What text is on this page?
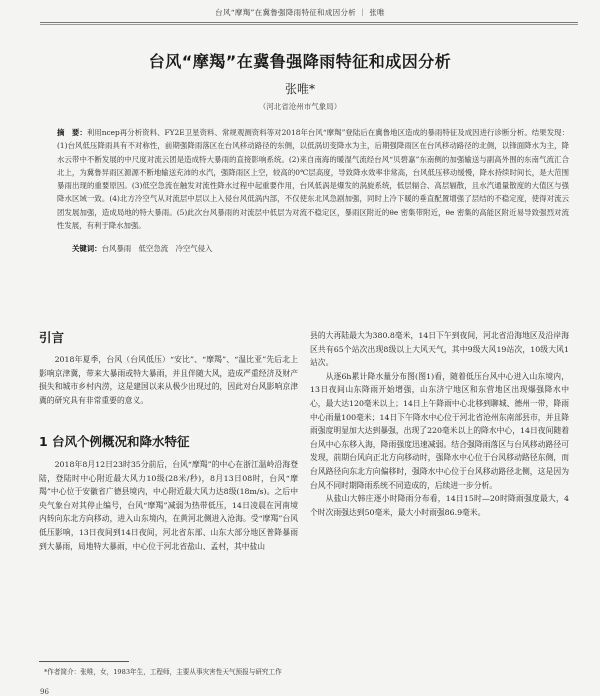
台风“摩羯”在冀鲁强降雨特征和成因分析 ｜ 张唯
台风“摩羯”在冀鲁强降雨特征和成因分析
张唯*
（河北省沧州市气象局）
摘　要：利用ncep再分析资料、FY2E卫星资料、常规观测资料等对2018年台风“摩羯”登陆后在冀鲁地区造成的暴雨特征及成因进行诊断分析。结果发现：(1)台风低压降雨具有不对称性，前期强降雨落区在台风移动路径的东侧，以低涡切变降水为主，后期强降雨区在台风移动路径的北侧，以锋面降水为主，降水云带中不断发展的中尺度对流云团是造成特大暴雨的直接影响系统。(2)来自南海的暖湿气流经台风“贝碧嘉”东南侧的加强输送与副高外围的东南气流汇合北上，为冀鲁异雨区源源不断地输送充沛的水汽，强降雨区上空，较高的0℃层高度，导致降水效率非常高，台风低压移动缓慢，降水持续时间长，是大范围暴雨出现的重要原因。(3)低空急流在触发对流性降水过程中起重要作用，台风低涡是爆发的涡旋系统，低层辐合、高层辐散，且水汽通量散度的大值区与强降水区域一致。(4)北方冷空气从对流层中层以上入侵台风低涡内部，不仅使东北风急剧加强，同时上冷下暖的垂直配置增强了层结的不稳定度，使得对流云团发展加强，造成局地的特大暴雨。(5)此次台风暴雨的对流层中低层为对流不稳定区，暴雨区附近的θe 密集带附近，θe 密集的高能区附近易导致强烈对流性发展，有利于降水加强。
关键词：台风暴雨　低空急流　冷空气侵入
引言

2018年夏季，台风（台风低压）“安比”、“摩羯”、“温比亚”先后北上影响京津冀，带来大暴雨或特大暴雨，并且伴随大风，造成严重经济及财产损失和城市乡村内涝，这是建国以来从极少出现过的，因此对台风影响京津冀的研究具有非常重要的意义。

1 台风个例概况和降水特征

2018年8月12日23时35分前后，台风“摩羯”的中心在浙江温岭沿海登陆，登陆时中心附近最大风力10级(28米/秒)，8月13日08时，台风“摩羯”中心位于安徽省广德县境内，中心附近最大风力达8级(18m/s)。之后中央气象台对其停止编号，台风“摩羯”减弱为热带低压，14日凌晨在河南境内转向东北方向移动，进入山东境内，在黄河北侧进入沧海。受“摩羯”台风低压影响，13日夜间到14日夜间，河北省东部、山东大部分地区普降暴雨到大暴雨，局地特大暴雨，中心位于河北省盐山、孟村，其中盐山

县的大再陆最大为380.8毫米，14日下午到夜间，河北省沿海地区及沿岸海区共有65个站次出现8级以上大风天气，其中9级大风19站次，10级大风1站次。

从逐6h累计降水量分布图(图1)看，随着低压台风中心进入山东境内，13日夜间山东降雨开始增强，山东济宁地区和东营地区出现爆强降水中心，最大达120毫米以上；14日上午降雨中心北移到聊城、德州一带，降雨中心雨量100毫米；14日下午降水中心位于河北省沧州东南部县市，并且降雨强度明显加大达到暴强，出现了220毫米以上的降水中心，14日夜间随着台风中心东移入海，降雨强度迅速减弱。结合强降雨落区与台风移动路径可发现，前期台风向正北方向移动时，强降水中心位于台风移动路径东侧，而台风路径向东北方向偏移时，强降水中心位于台风移动路径北侧，这是因为台风不同时期降雨系统不同造成的，后续进一步分析。

从盐山大韩庄逐小时降雨分布看，14日15时—20时降雨强度最大，4个时次雨强达到50毫米，最大小时雨强86.9毫米。

*作者简介：张唯，女，1983年生，工程师，主要从事灾害性天气预报与研究工作
96
